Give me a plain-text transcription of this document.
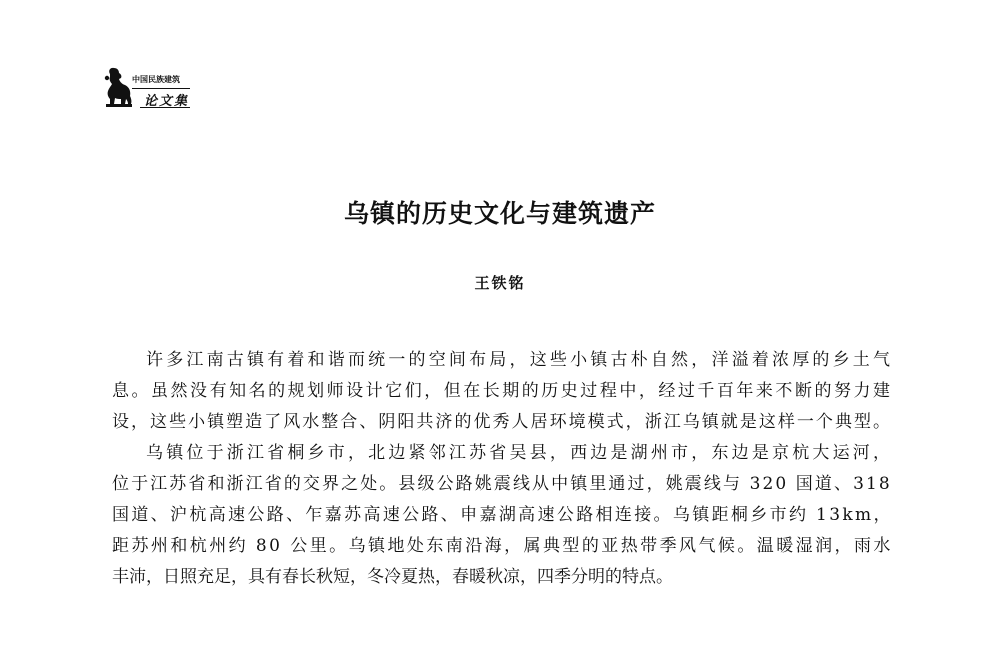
中国民族建筑
论文集
乌镇的历史文化与建筑遗产
王铁铭
许多江南古镇有着和谐而统一的空间布局，这些小镇古朴自然，洋溢着浓厚的乡土气
息。虽然没有知名的规划师设计它们，但在长期的历史过程中，经过千百年来不断的努力建
设，这些小镇塑造了风水整合、阴阳共济的优秀人居环境模式，浙江乌镇就是这样一个典型。
乌镇位于浙江省桐乡市，北边紧邻江苏省吴县，西边是湖州市，东边是京杭大运河，
位于江苏省和浙江省的交界之处。县级公路姚震线从中镇里通过，姚震线与 320 国道、318
国道、沪杭高速公路、乍嘉苏高速公路、申嘉湖高速公路相连接。乌镇距桐乡市约 13km，
距苏州和杭州约 80 公里。乌镇地处东南沿海，属典型的亚热带季风气候。温暖湿润，雨水
丰沛，日照充足，具有春长秋短，冬冷夏热，春暖秋凉，四季分明的特点。
